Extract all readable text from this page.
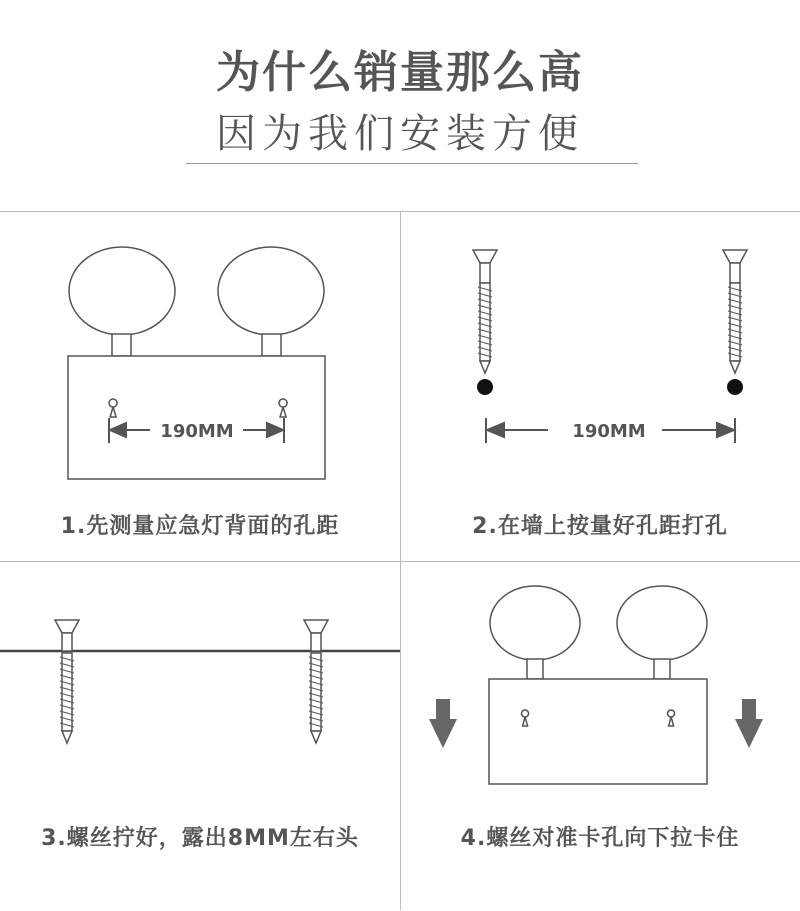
为什么销量那么高
因为我们安装方便
190MM
1.先测量应急灯背面的孔距
190MM
2.在墙上按量好孔距打孔
3.螺丝拧好，露出8MM左右头	4.螺丝对准卡孔向下拉卡住
